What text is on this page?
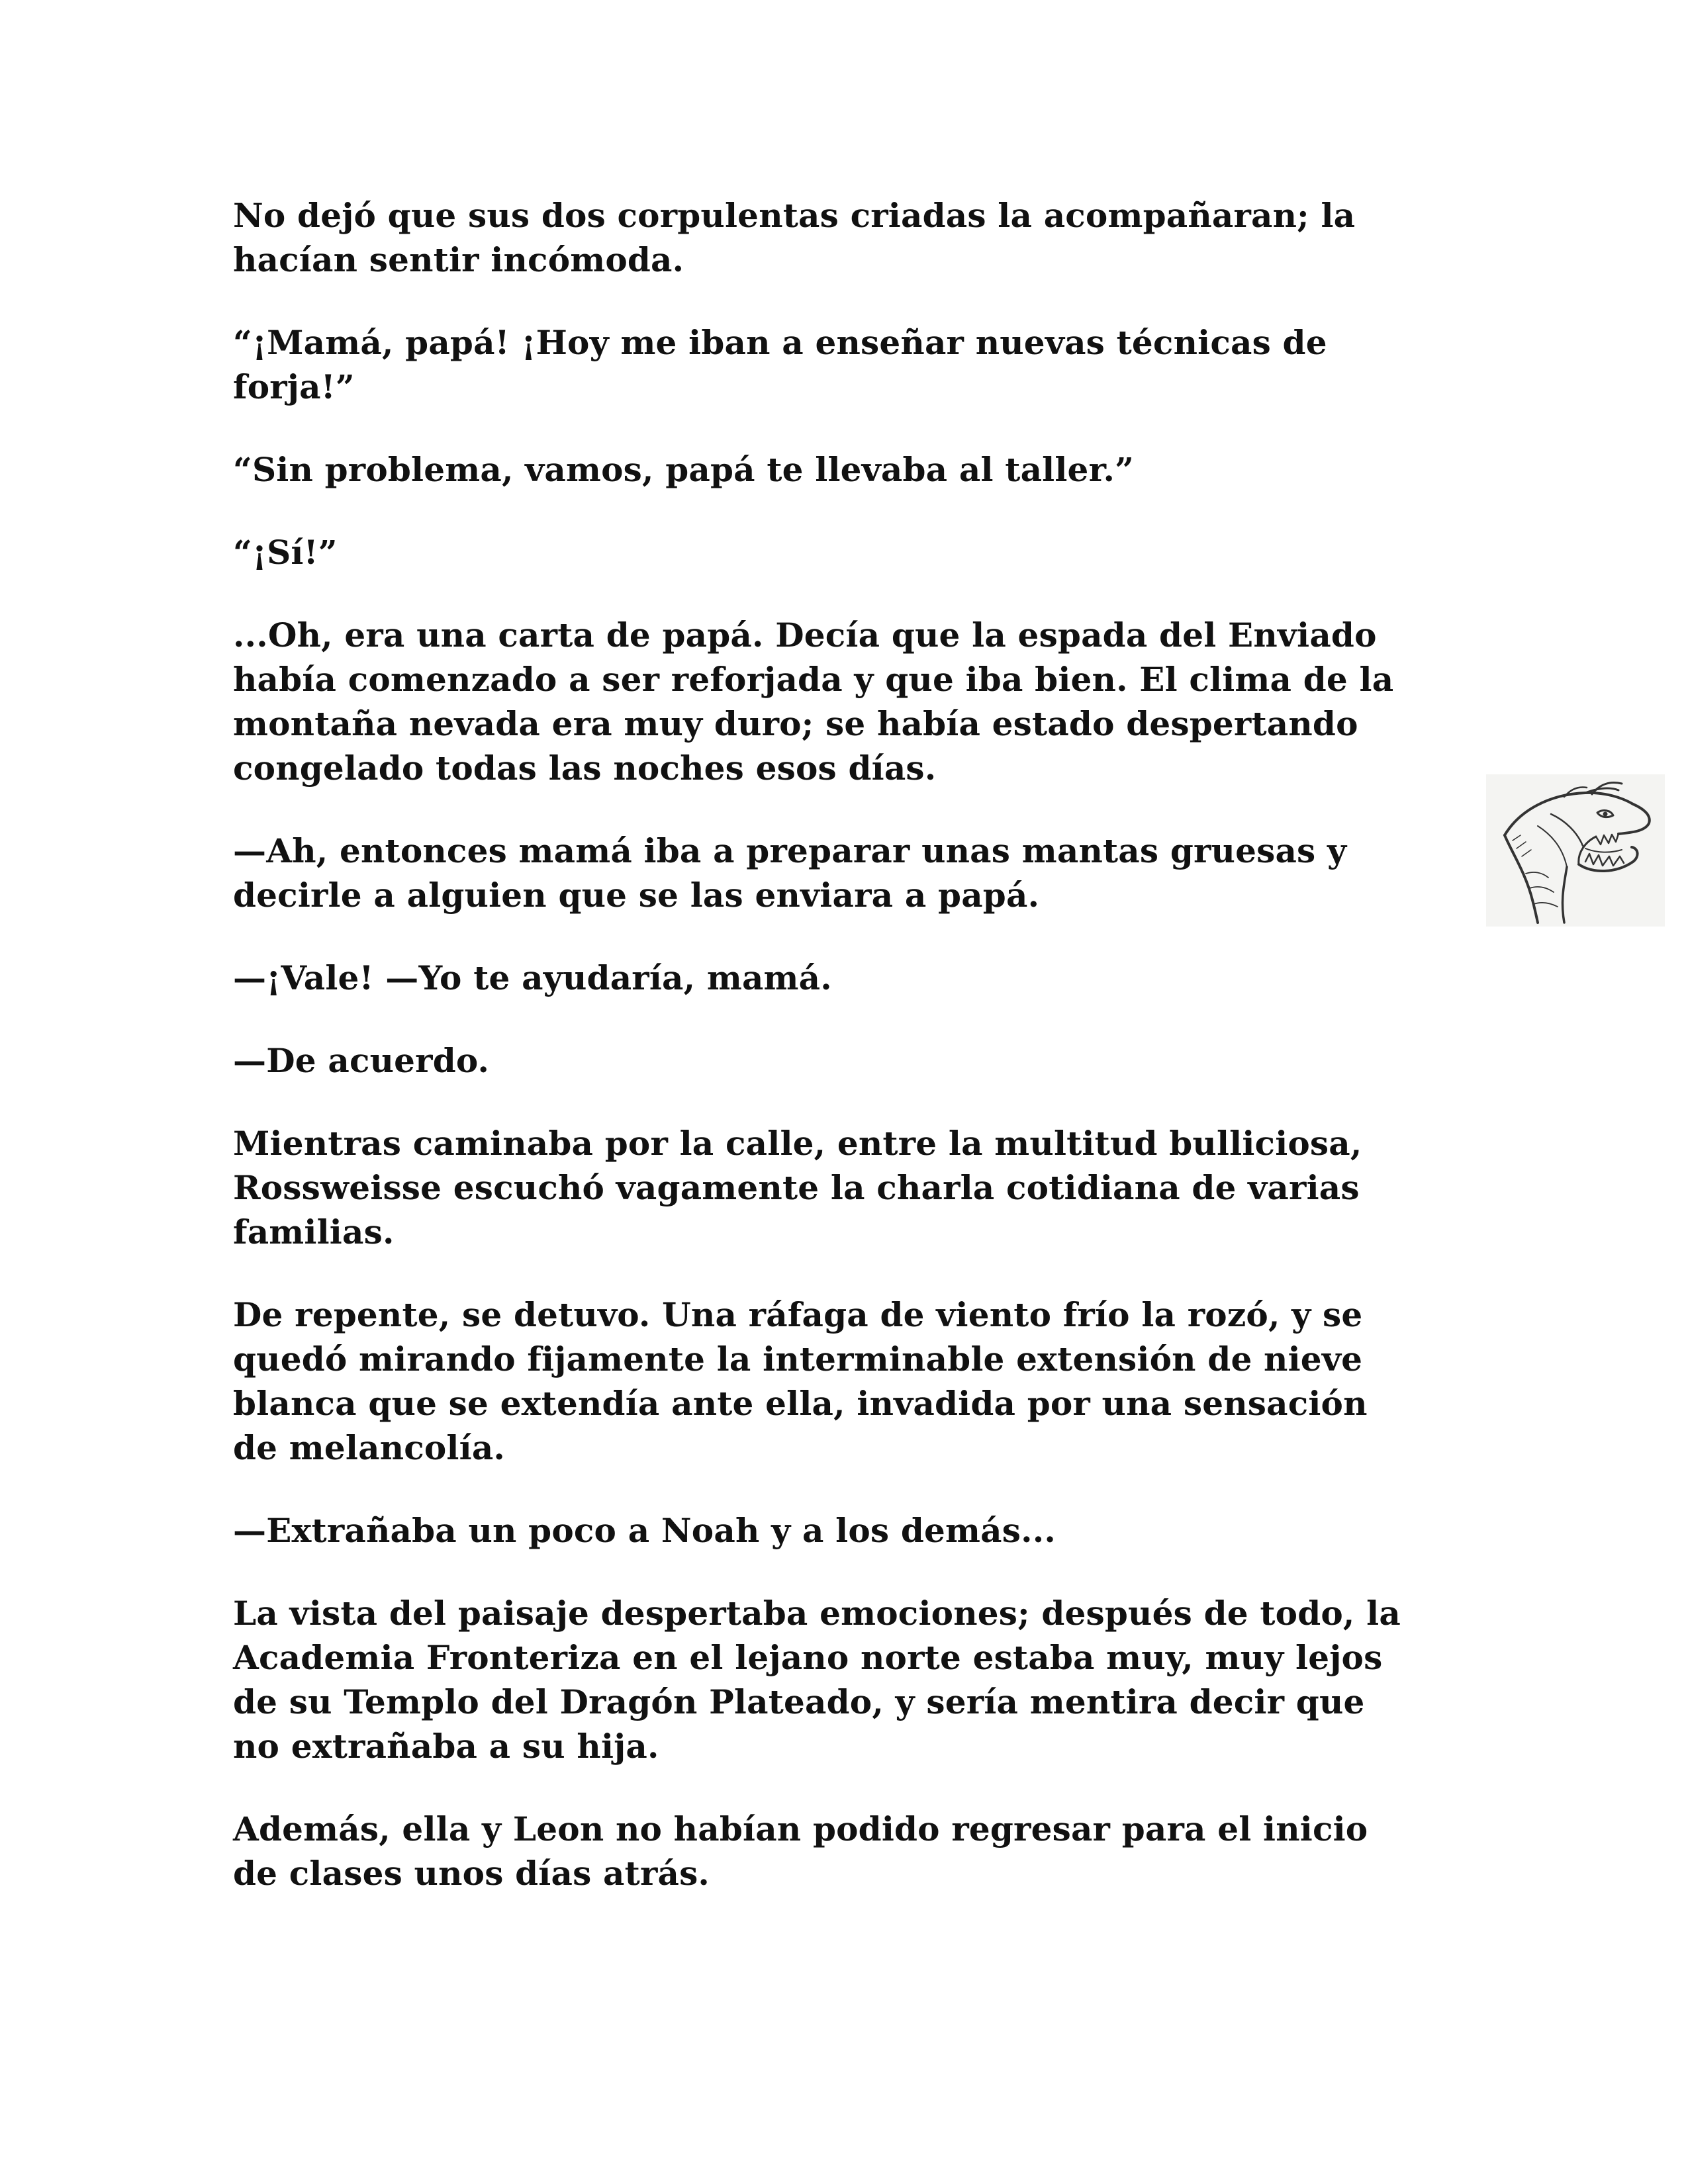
No dejó que sus dos corpulentas criadas la acompañaran; la
hacían sentir incómoda.

“¡Mamá, papá! ¡Hoy me iban a enseñar nuevas técnicas de
forja!”

“Sin problema, vamos, papá te llevaba al taller.”

“¡Sí!”

...Oh, era una carta de papá. Decía que la espada del Enviado
había comenzado a ser reforjada y que iba bien. El clima de la
montaña nevada era muy duro; se había estado despertando
congelado todas las noches esos días.

—Ah, entonces mamá iba a preparar unas mantas gruesas y
decirle a alguien que se las enviara a papá.

—¡Vale! —Yo te ayudaría, mamá.

—De acuerdo.

Mientras caminaba por la calle, entre la multitud bulliciosa,
Rossweisse escuchó vagamente la charla cotidiana de varias
familias.

De repente, se detuvo. Una ráfaga de viento frío la rozó, y se
quedó mirando fijamente la interminable extensión de nieve
blanca que se extendía ante ella, invadida por una sensación
de melancolía.

—Extrañaba un poco a Noah y a los demás...

La vista del paisaje despertaba emociones; después de todo, la
Academia Fronteriza en el lejano norte estaba muy, muy lejos
de su Templo del Dragón Plateado, y sería mentira decir que
no extrañaba a su hija.

Además, ella y Leon no habían podido regresar para el inicio
de clases unos días atrás.
